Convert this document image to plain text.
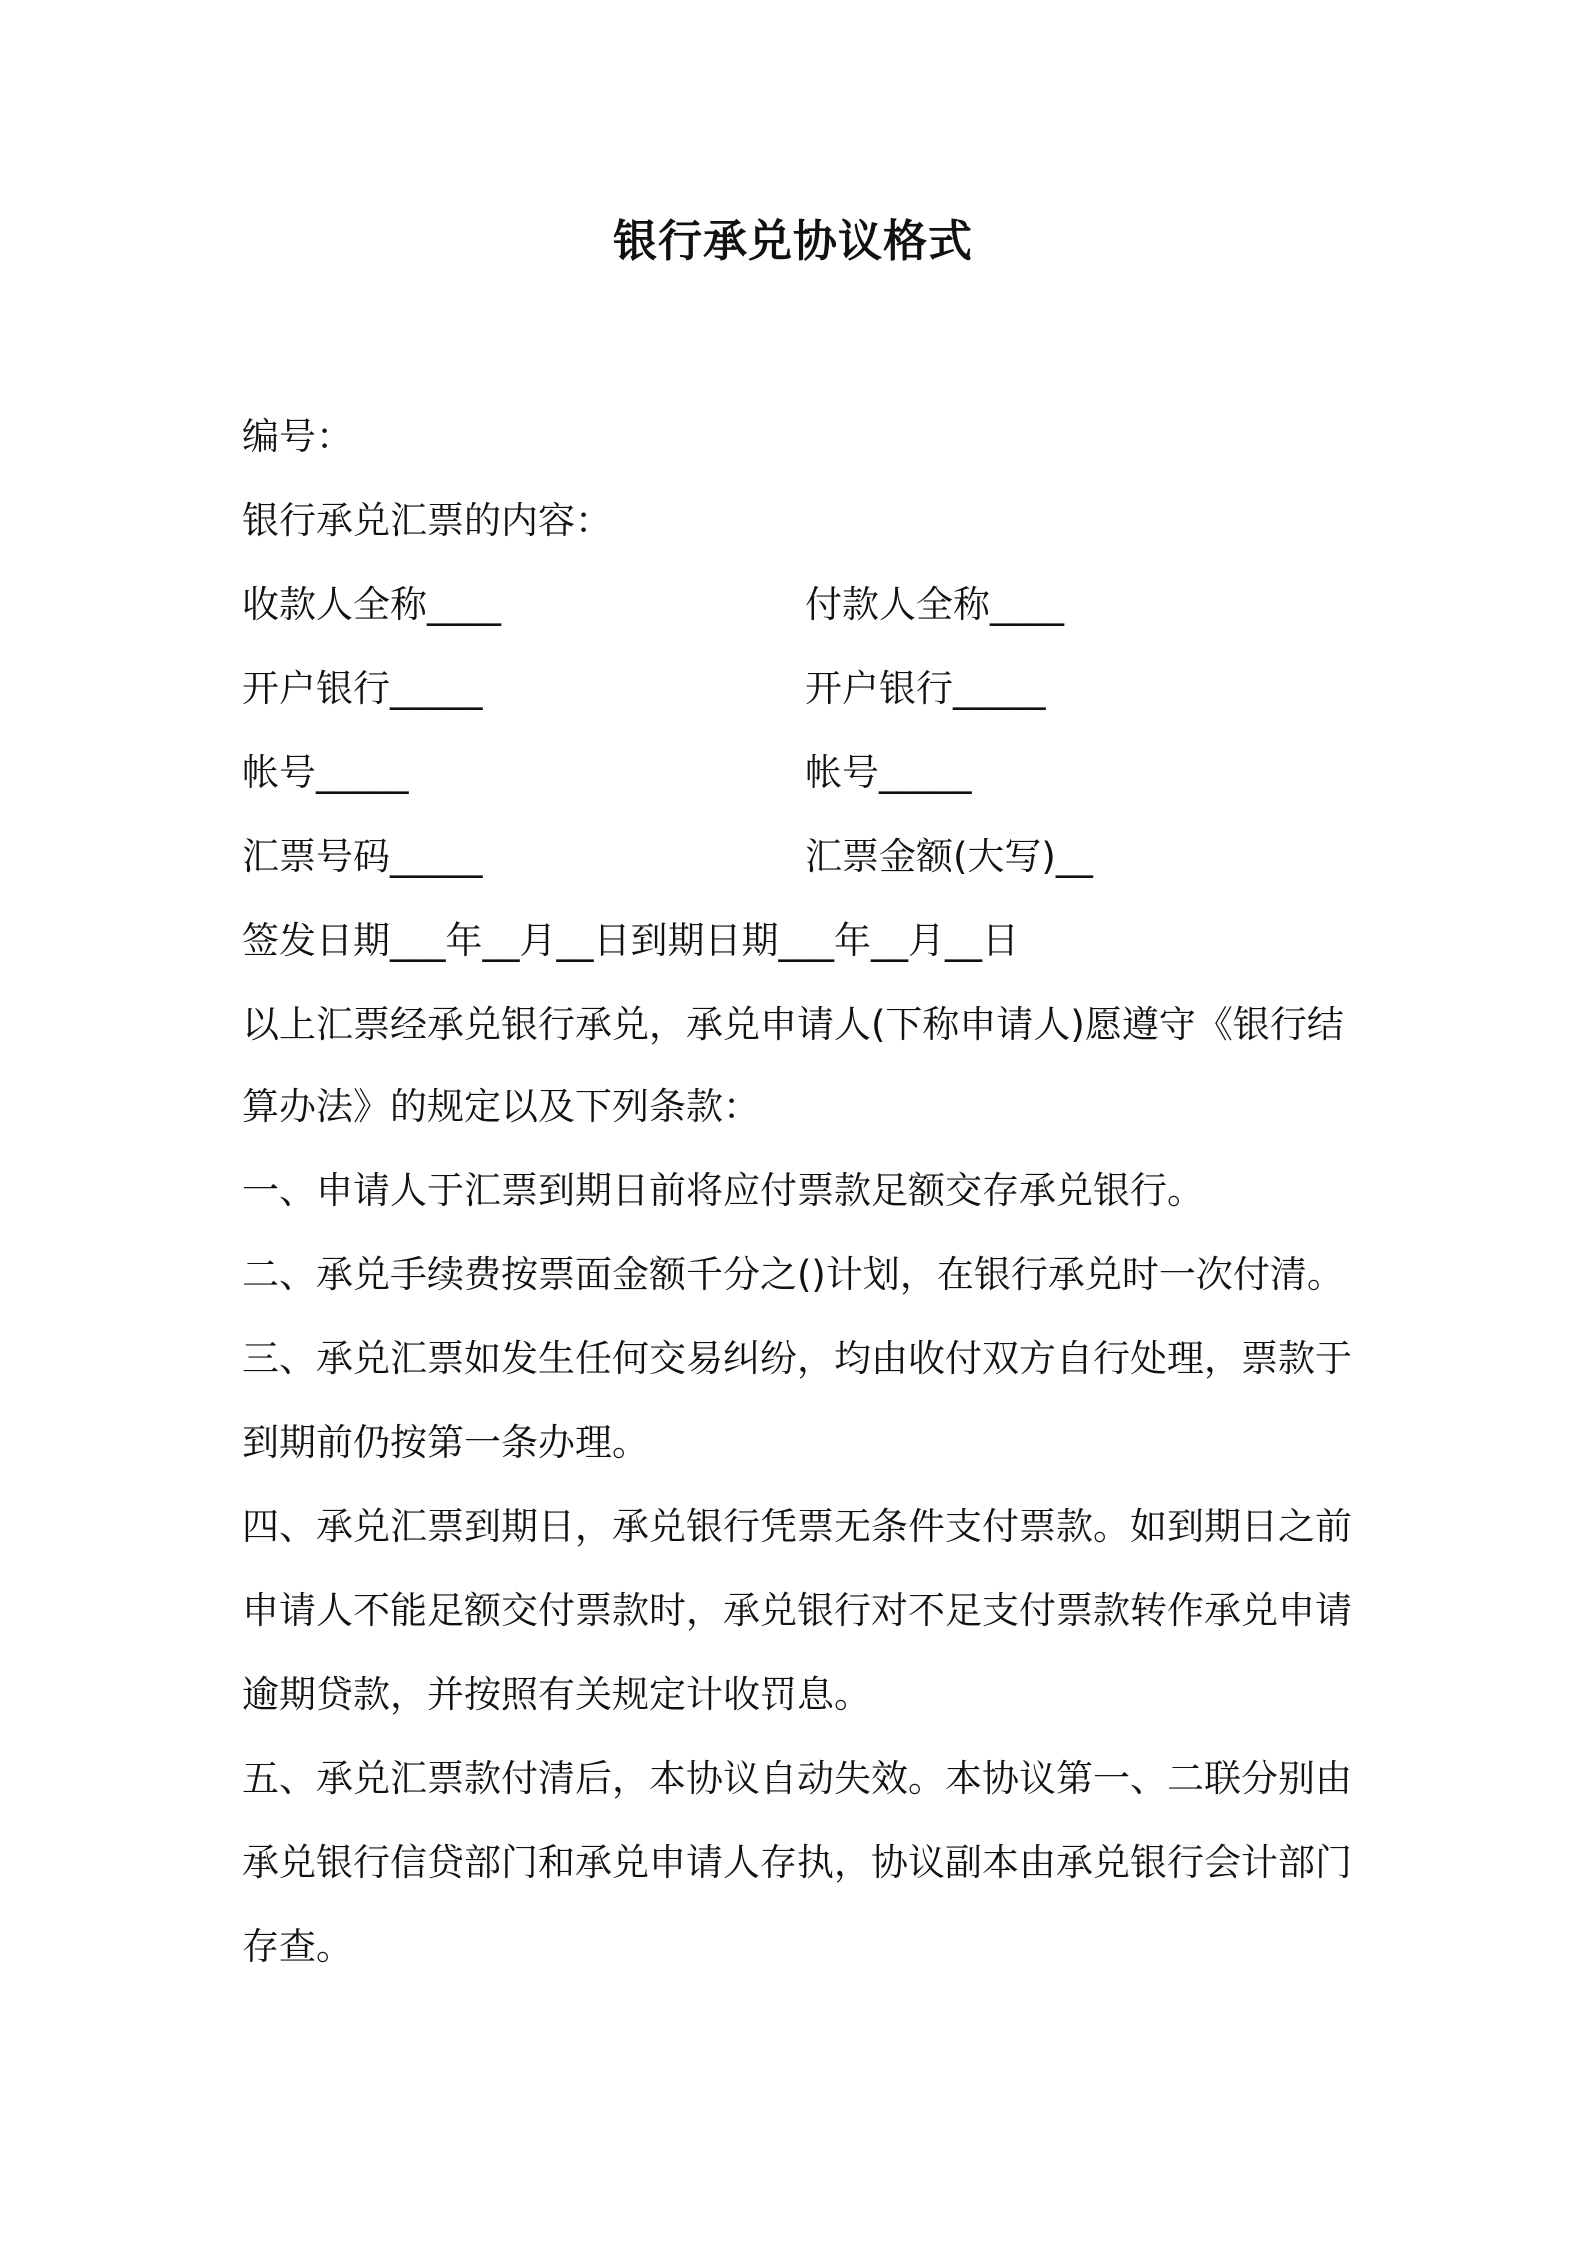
银行承兑协议格式
编号：
银行承兑汇票的内容：
收款人全称____	付款人全称____
开户银行_____	开户银行_____
帐号_____	帐号_____
汇票号码_____	汇票金额(大写)__
签发日期___年__月__日到期日期___年__月__日
以上汇票经承兑银行承兑，承兑申请人(下称申请人)愿遵守《银行结
算办法》的规定以及下列条款：
一、申请人于汇票到期日前将应付票款足额交存承兑银行。
二、承兑手续费按票面金额千分之()计划，在银行承兑时一次付清。
三、承兑汇票如发生任何交易纠纷，均由收付双方自行处理，票款于
到期前仍按第一条办理。
四、承兑汇票到期日，承兑银行凭票无条件支付票款。如到期日之前
申请人不能足额交付票款时，承兑银行对不足支付票款转作承兑申请
逾期贷款，并按照有关规定计收罚息。
五、承兑汇票款付清后，本协议自动失效。本协议第一、二联分别由
承兑银行信贷部门和承兑申请人存执，协议副本由承兑银行会计部门
存查。
